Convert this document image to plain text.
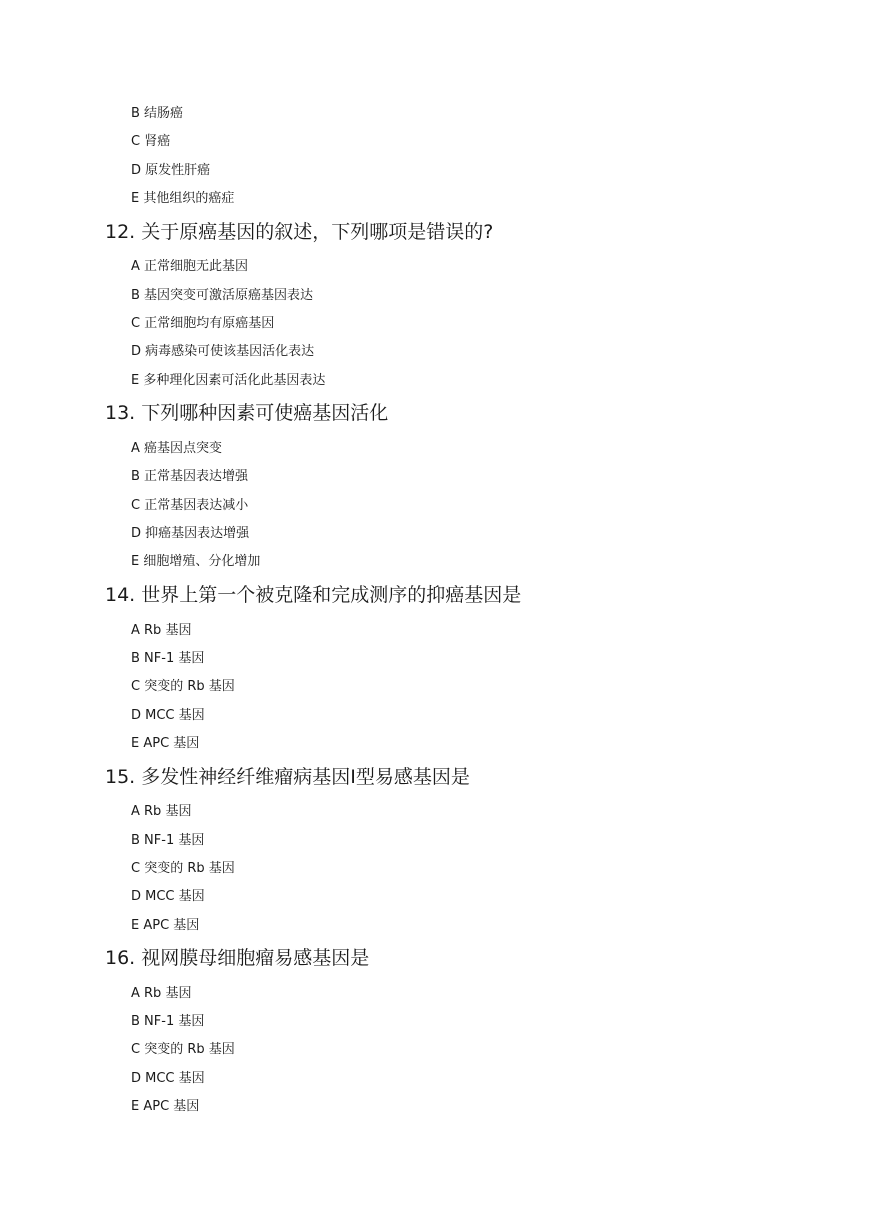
B 结肠癌
C 肾癌
D 原发性肝癌
E 其他组织的癌症
12. 关于原癌基因的叙述，下列哪项是错误的?
A 正常细胞无此基因
B 基因突变可激活原癌基因表达
C 正常细胞均有原癌基因
D 病毒感染可使该基因活化表达
E 多种理化因素可活化此基因表达
13. 下列哪种因素可使癌基因活化
A 癌基因点突变
B 正常基因表达增强
C 正常基因表达减小
D 抑癌基因表达增强
E 细胞增殖、分化增加
14. 世界上第一个被克隆和完成测序的抑癌基因是
A Rb 基因
B NF-1 基因
C 突变的 Rb 基因
D MCC 基因
E APC 基因
15. 多发性神经纤维瘤病基因Ⅰ型易感基因是
A Rb 基因
B NF-1 基因
C 突变的 Rb 基因
D MCC 基因
E APC 基因
16. 视网膜母细胞瘤易感基因是
A Rb 基因
B NF-1 基因
C 突变的 Rb 基因
D MCC 基因
E APC 基因
